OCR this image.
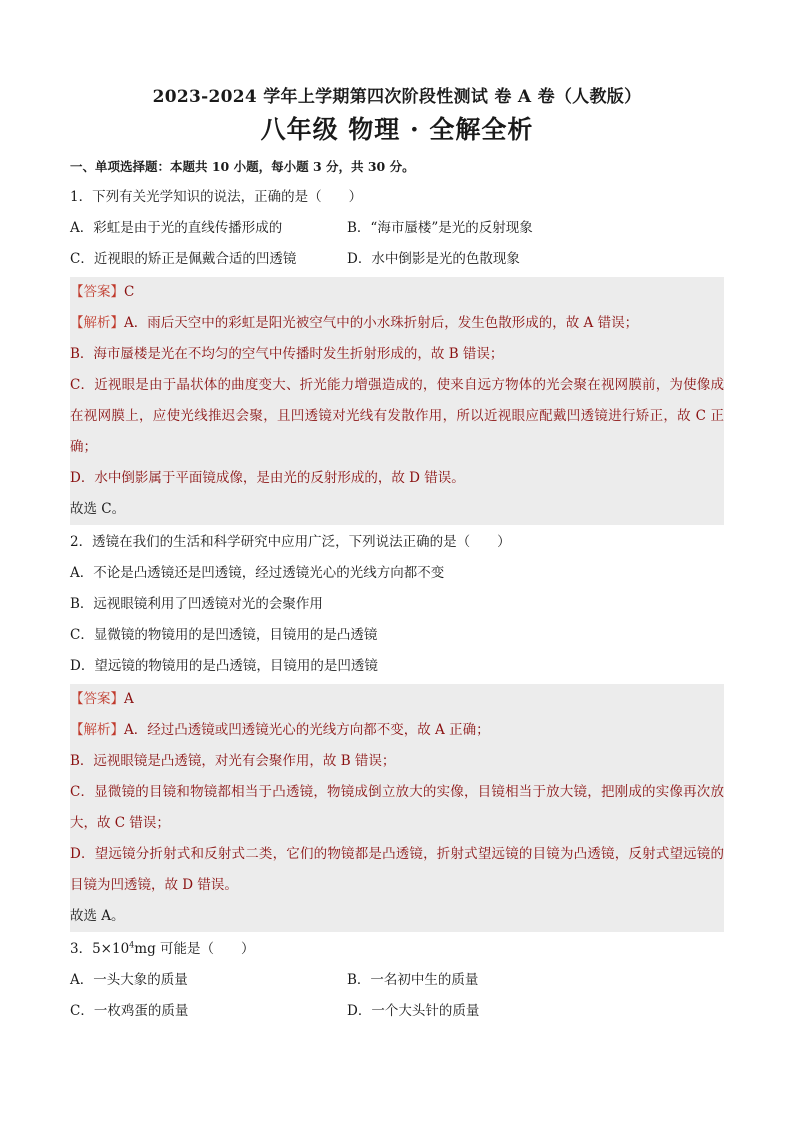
2023-2024 学年上学期第四次阶段性测试 卷 A 卷（人教版）
八年级 物理 · 全解全析
一、单项选择题：本题共 10 小题，每小题 3 分，共 30 分。
1．下列有关光学知识的说法，正确的是（　　）
A．彩虹是由于光的直线传播形成的	B．“海市蜃楼”是光的反射现象
C．近视眼的矫正是佩戴合适的凹透镜	D．水中倒影是光的色散现象
【答案】C
【解析】A．雨后天空中的彩虹是阳光被空气中的小水珠折射后，发生色散形成的，故 A 错误；
B．海市蜃楼是光在不均匀的空气中传播时发生折射形成的，故 B 错误；
C．近视眼是由于晶状体的曲度变大、折光能力增强造成的，使来自远方物体的光会聚在视网膜前，为使像成在视网膜上，应使光线推迟会聚，且凹透镜对光线有发散作用，所以近视眼应配戴凹透镜进行矫正，故 C 正确；
D．水中倒影属于平面镜成像，是由光的反射形成的，故 D 错误。
故选 C。
2．透镜在我们的生活和科学研究中应用广泛，下列说法正确的是（　　）
A．不论是凸透镜还是凹透镜，经过透镜光心的光线方向都不变
B．远视眼镜利用了凹透镜对光的会聚作用
C．显微镜的物镜用的是凹透镜，目镜用的是凸透镜
D．望远镜的物镜用的是凸透镜，目镜用的是凹透镜
【答案】A
【解析】A．经过凸透镜或凹透镜光心的光线方向都不变，故 A 正确；
B．远视眼镜是凸透镜，对光有会聚作用，故 B 错误；
C．显微镜的目镜和物镜都相当于凸透镜，物镜成倒立放大的实像，目镜相当于放大镜，把刚成的实像再次放大，故 C 错误；
D．望远镜分折射式和反射式二类，它们的物镜都是凸透镜，折射式望远镜的目镜为凸透镜，反射式望远镜的目镜为凹透镜，故 D 错误。
故选 A。
3．$5\times 10^4mg$ 可能是（　　）
A．一头大象的质量	B．一名初中生的质量
C．一枚鸡蛋的质量	D．一个大头针的质量
